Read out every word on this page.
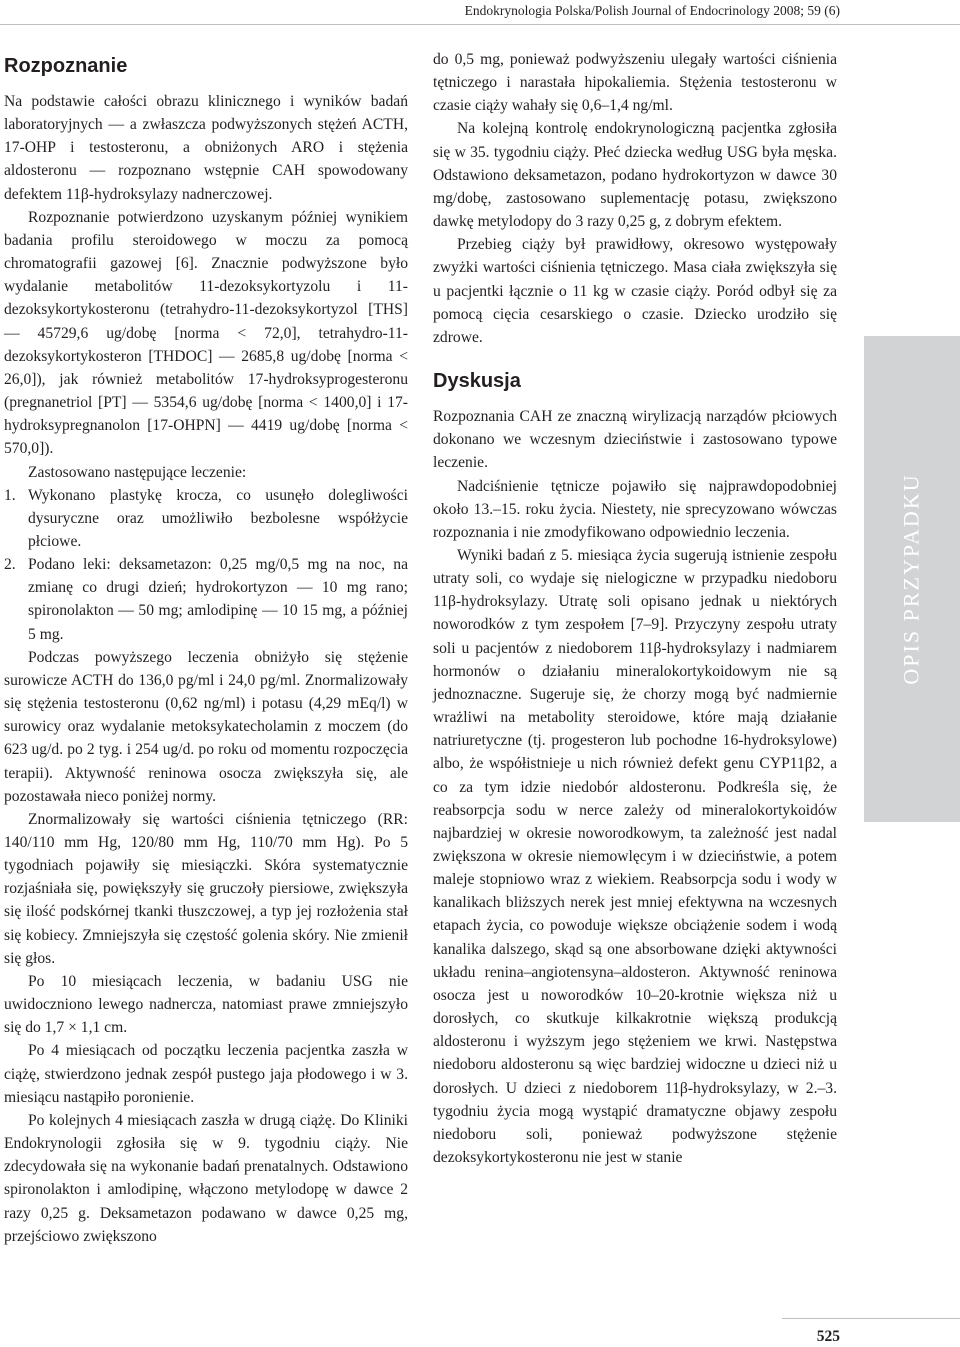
Endokrynologia Polska/Polish Journal of Endocrinology 2008; 59 (6)
Rozpoznanie

Na podstawie całości obrazu klinicznego i wyników badań laboratoryjnych — a zwłaszcza podwyższonych stężeń ACTH, 17-OHP i testosteronu, a obniżonych ARO i stężenia aldosteronu — rozpoznano wstępnie CAH spowodowany defektem 11β-hydroksylazy nadnerczowej.

Rozpoznanie potwierdzono uzyskanym później wynikiem badania profilu steroidowego w moczu za pomocą chromatografii gazowej [6]. Znacznie podwyższone było wydalanie metabolitów 11-dezoksykortyzolu i 11-dezoksykortykosteronu (tetrahydro-11-dezoksykortyzol [THS] — 45729,6 ug/dobę [norma < 72,0], tetrahydro-11-dezoksykortykosteron [THDOC] — 2685,8 ug/dobę [norma < 26,0]), jak również metabolitów 17-hydroksyprogesteronu (pregnanetriol [PT] — 5354,6 ug/dobę [norma < 1400,0] i 17-hydroksypregnanolon [17-OHPN] — 4419 ug/dobę [norma < 570,0]).

Zastosowano następujące leczenie:

1. Wykonano plastykę krocza, co usunęło dolegliwości dysuryczne oraz umożliwiło bezbolesne współżycie płciowe.
2. Podano leki: deksametazon: 0,25 mg/0,5 mg na noc, na zmianę co drugi dzień; hydrokortyzon — 10 mg rano; spironolakton — 50 mg; amlodipinę — 10 15 mg, a później 5 mg.

Podczas powyższego leczenia obniżyło się stężenie surowicze ACTH do 136,0 pg/ml i 24,0 pg/ml. Znormalizowały się stężenia testosteronu (0,62 ng/ml) i potasu (4,29 mEq/l) w surowicy oraz wydalanie metoksykatecholamin z moczem (do 623 ug/d. po 2 tyg. i 254 ug/d. po roku od momentu rozpoczęcia terapii). Aktywność reninowa osocza zwiększyła się, ale pozostawała nieco poniżej normy.

Znormalizowały się wartości ciśnienia tętniczego (RR: 140/110 mm Hg, 120/80 mm Hg, 110/70 mm Hg). Po 5 tygodniach pojawiły się miesiączki. Skóra systematycznie rozjaśniała się, powiększyły się gruczoły piersiowe, zwiększyła się ilość podskórnej tkanki tłuszczowej, a typ jej rozłożenia stał się kobiecy. Zmniejszyła się częstość golenia skóry. Nie zmienił się głos.

Po 10 miesiącach leczenia, w badaniu USG nie uwidoczniono lewego nadnercza, natomiast prawe zmniejszyło się do 1,7 × 1,1 cm.

Po 4 miesiącach od początku leczenia pacjentka zaszła w ciążę, stwierdzono jednak zespół pustego jaja płodowego i w 3. miesiącu nastąpiło poronienie.

Po kolejnych 4 miesiącach zaszła w drugą ciążę. Do Kliniki Endokrynologii zgłosiła się w 9. tygodniu ciąży. Nie zdecydowała się na wykonanie badań prenatalnych. Odstawiono spironolakton i amlodipinę, włączono metylodopę w dawce 2 razy 0,25 g. Deksametazon podawano w dawce 0,25 mg, przejściowo zwiększono

do 0,5 mg, ponieważ podwyższeniu ulegały wartości ciśnienia tętniczego i narastała hipokaliemia. Stężenia testosteronu w czasie ciąży wahały się 0,6–1,4 ng/ml.

Na kolejną kontrolę endokrynologiczną pacjentka zgłosiła się w 35. tygodniu ciąży. Płeć dziecka według USG była męska. Odstawiono deksametazon, podano hydrokortyzon w dawce 30 mg/dobę, zastosowano suplementację potasu, zwiększono dawkę metylodopy do 3 razy 0,25 g, z dobrym efektem.

Przebieg ciąży był prawidłowy, okresowo występowały zwyżki wartości ciśnienia tętniczego. Masa ciała zwiększyła się u pacjentki łącznie o 11 kg w czasie ciąży. Poród odbył się za pomocą cięcia cesarskiego o czasie. Dziecko urodziło się zdrowe.

Dyskusja

Rozpoznania CAH ze znaczną wirylizacją narządów płciowych dokonano we wczesnym dzieciństwie i zastosowano typowe leczenie.

Nadciśnienie tętnicze pojawiło się najprawdopodobniej około 13.–15. roku życia. Niestety, nie sprecyzowano wówczas rozpoznania i nie zmodyfikowano odpowiednio leczenia.

Wyniki badań z 5. miesiąca życia sugerują istnienie zespołu utraty soli, co wydaje się nielogiczne w przypadku niedoboru 11β-hydroksylazy. Utratę soli opisano jednak u niektórych noworodków z tym zespołem [7–9]. Przyczyny zespołu utraty soli u pacjentów z niedoborem 11β-hydroksylazy i nadmiarem hormonów o działaniu mineralokortykoidowym nie są jednoznaczne. Sugeruje się, że chorzy mogą być nadmiernie wrażliwi na metabolity steroidowe, które mają działanie natriuretyczne (tj. progesteron lub pochodne 16-hydroksylowe) albo, że współistnieje u nich również defekt genu CYP11β2, a co za tym idzie niedobór aldosteronu. Podkreśla się, że reabsorpcja sodu w nerce zależy od mineralokortykoidów najbardziej w okresie noworodkowym, ta zależność jest nadal zwiększona w okresie niemowlęcym i w dzieciństwie, a potem maleje stopniowo wraz z wiekiem. Reabsorpcja sodu i wody w kanalikach bliższych nerek jest mniej efektywna na wczesnych etapach życia, co powoduje większe obciążenie sodem i wodą kanalika dalszego, skąd są one absorbowane dzięki aktywności układu renina–angiotensyna–aldosteron. Aktywność reninowa osocza jest u noworodków 10–20-krotnie większa niż u dorosłych, co skutkuje kilkakrotnie większą produkcją aldosteronu i wyższym jego stężeniem we krwi. Następstwa niedoboru aldosteronu są więc bardziej widoczne u dzieci niż u dorosłych. U dzieci z niedoborem 11β-hydroksylazy, w 2.–3. tygodniu życia mogą wystąpić dramatyczne objawy zespołu niedoboru soli, ponieważ podwyższone stężenie dezoksykortykosteronu nie jest w stanie

OPIS PRZYPADKU
525
